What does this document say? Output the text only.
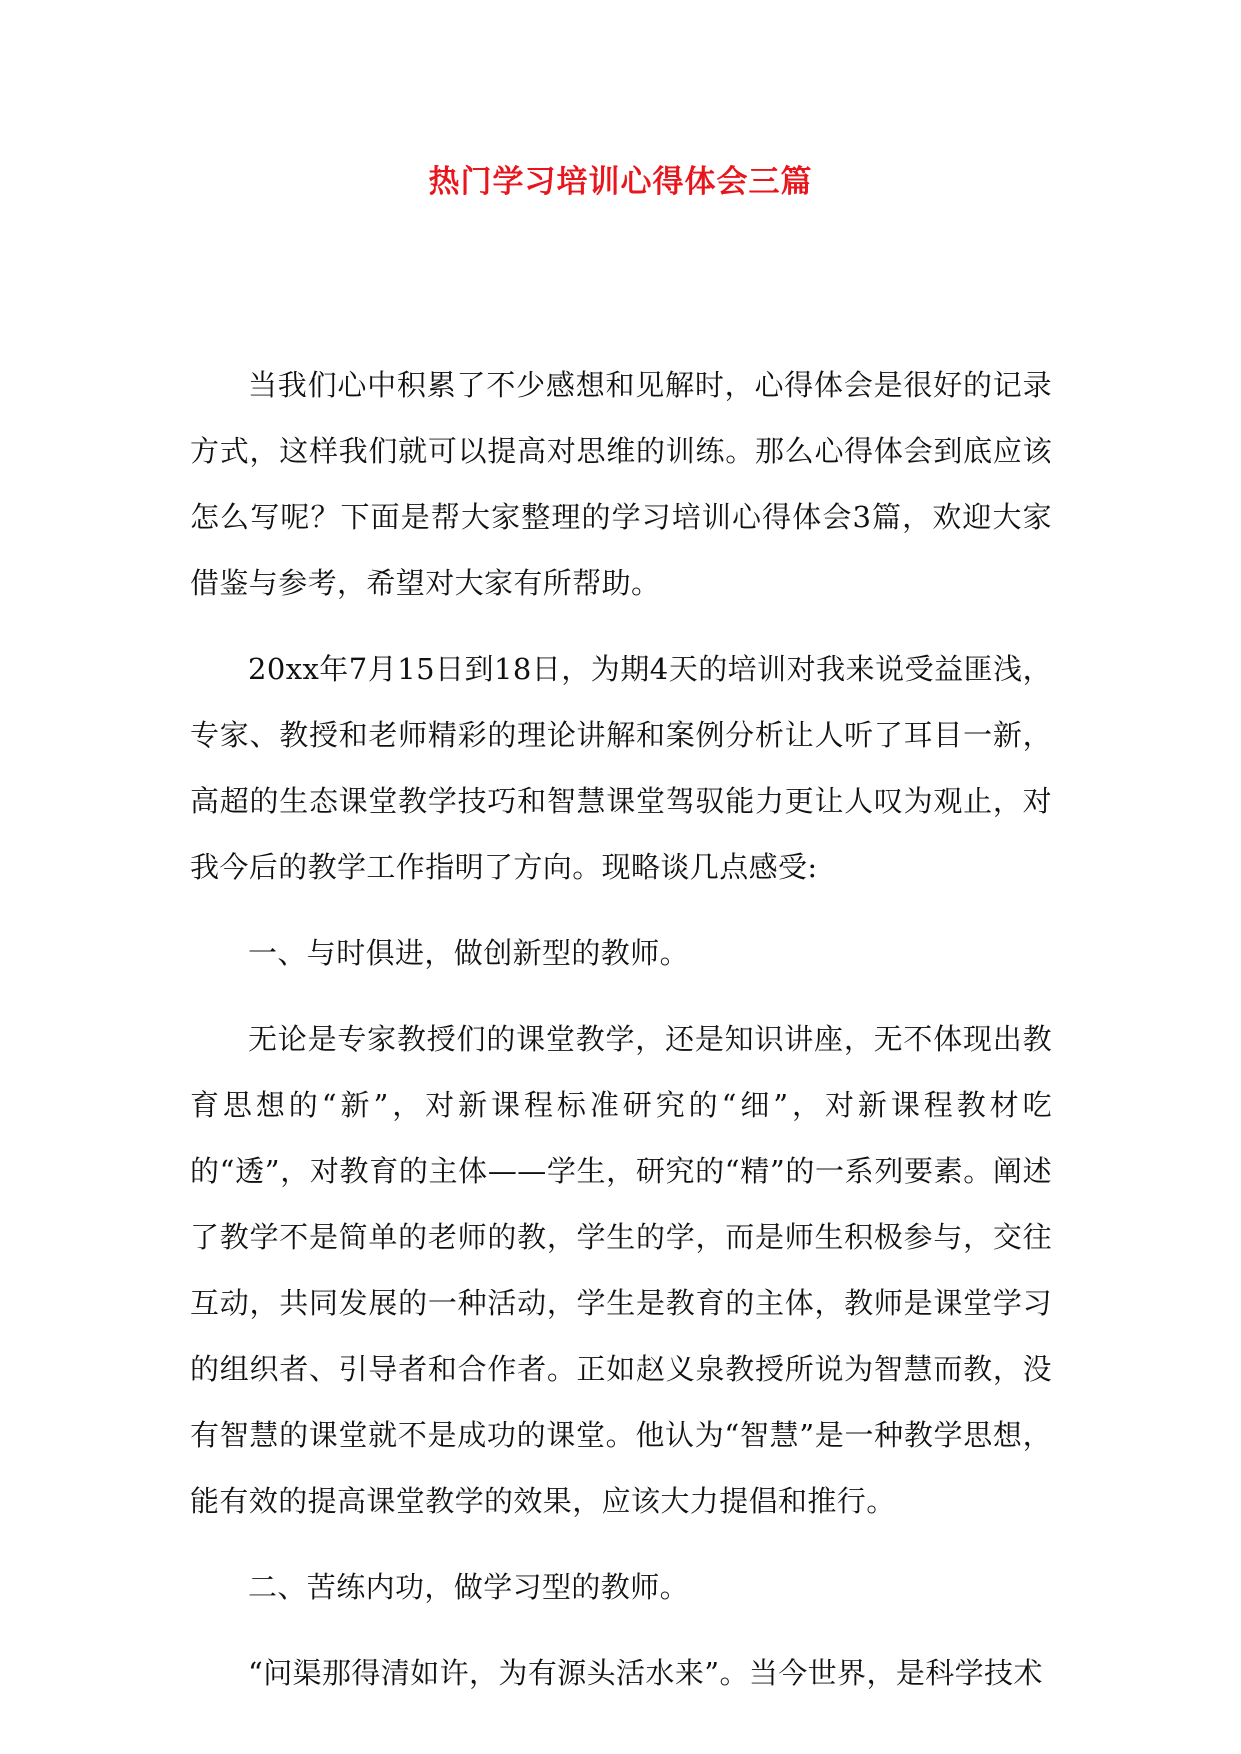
热门学习培训心得体会三篇

当我们心中积累了不少感想和见解时，心得体会是很好的记录方式，这样我们就可以提高对思维的训练。那么心得体会到底应该怎么写呢？下面是帮大家整理的学习培训心得体会3篇，欢迎大家借鉴与参考，希望对大家有所帮助。

20xx年7月15日到18日，为期4天的培训对我来说受益匪浅，专家、教授和老师精彩的理论讲解和案例分析让人听了耳目一新，高超的生态课堂教学技巧和智慧课堂驾驭能力更让人叹为观止，对我今后的教学工作指明了方向。现略谈几点感受:

一、与时俱进，做创新型的教师。

无论是专家教授们的课堂教学，还是知识讲座，无不体现出教育思想的“新”，对新课程标准研究的“细”，对新课程教材吃的“透”，对教育的主体——学生，研究的“精”的一系列要素。阐述了教学不是简单的老师的教，学生的学，而是师生积极参与，交往互动，共同发展的一种活动，学生是教育的主体，教师是课堂学习的组织者、引导者和合作者。正如赵义泉教授所说为智慧而教，没有智慧的课堂就不是成功的课堂。他认为“智慧”是一种教学思想，能有效的提高课堂教学的效果，应该大力提倡和推行。

二、苦练内功，做学习型的教师。

“问渠那得清如许，为有源头活水来”。当今世界，是科学技术
